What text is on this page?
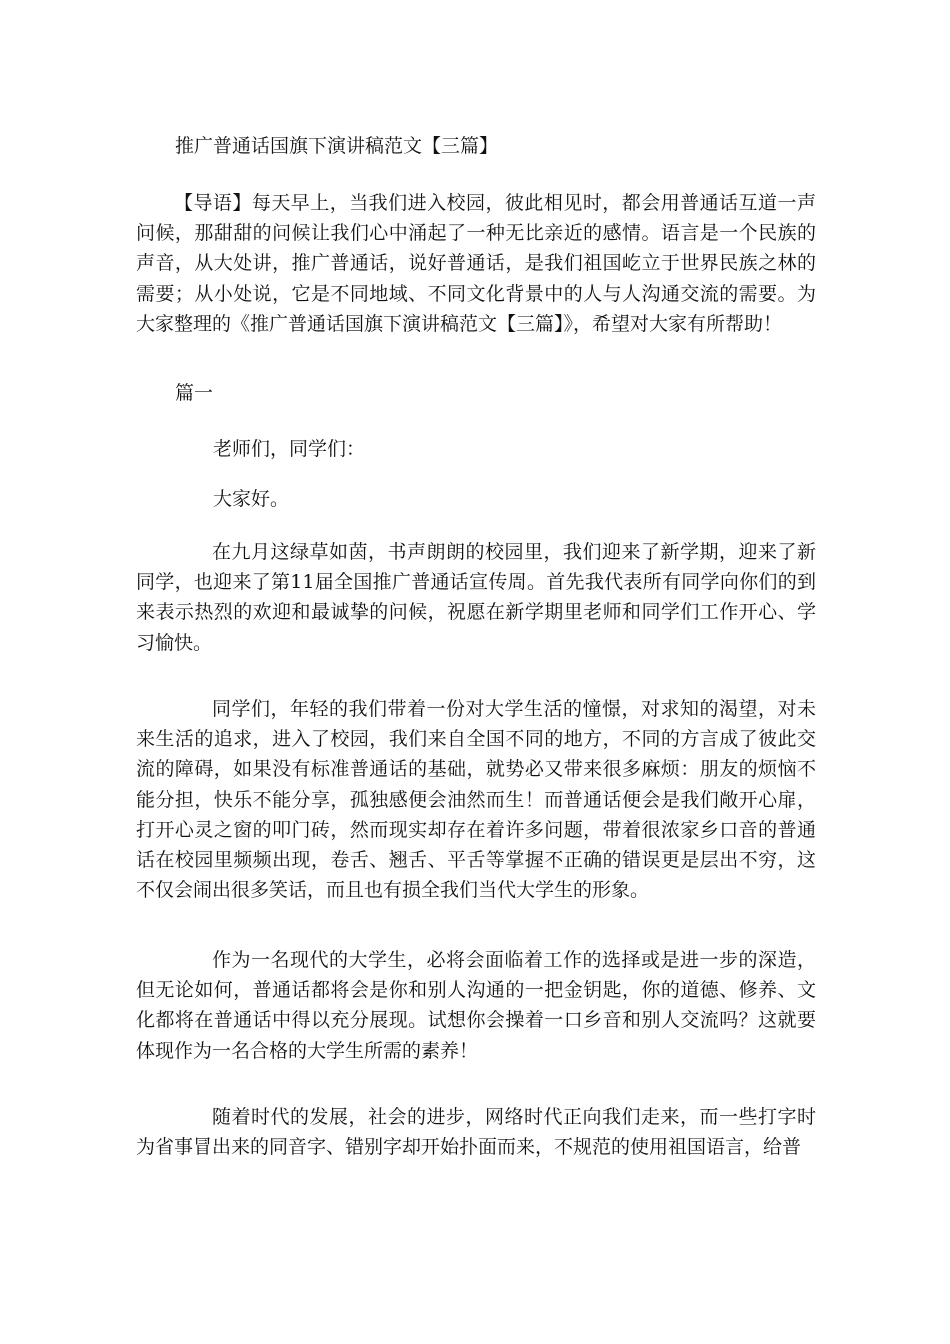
推广普通话国旗下演讲稿范文【三篇】
【导语】每天早上，当我们进入校园，彼此相见时，都会用普通话互道一声问候，那甜甜的问候让我们心中涌起了一种无比亲近的感情。语言是一个民族的声音，从大处讲，推广普通话，说好普通话，是我们祖国屹立于世界民族之林的需要；从小处说，它是不同地域、不同文化背景中的人与人沟通交流的需要。为大家整理的《推广普通话国旗下演讲稿范文【三篇】》，希望对大家有所帮助！
篇一
老师们，同学们：
大家好。
在九月这绿草如茵，书声朗朗的校园里，我们迎来了新学期，迎来了新同学，也迎来了第11届全国推广普通话宣传周。首先我代表所有同学向你们的到来表示热烈的欢迎和最诚挚的问候，祝愿在新学期里老师和同学们工作开心、学习愉快。
同学们，年轻的我们带着一份对大学生活的憧憬，对求知的渴望，对未来生活的追求，进入了校园，我们来自全国不同的地方，不同的方言成了彼此交流的障碍，如果没有标准普通话的基础，就势必又带来很多麻烦：朋友的烦恼不能分担，快乐不能分享，孤独感便会油然而生！而普通话便会是我们敞开心扉，打开心灵之窗的叩门砖，然而现实却存在着许多问题，带着很浓家乡口音的普通话在校园里频频出现，卷舌、翘舌、平舌等掌握不正确的错误更是层出不穷，这不仅会闹出很多笑话，而且也有损全我们当代大学生的形象。
作为一名现代的大学生，必将会面临着工作的选择或是进一步的深造，但无论如何，普通话都将会是你和别人沟通的一把金钥匙，你的道德、修养、文化都将在普通话中得以充分展现。试想你会操着一口乡音和别人交流吗？这就要体现作为一名合格的大学生所需的素养！
随着时代的发展，社会的进步，网络时代正向我们走来，而一些打字时为省事冒出来的同音字、错别字却开始扑面而来，不规范的使用祖国语言，给普
